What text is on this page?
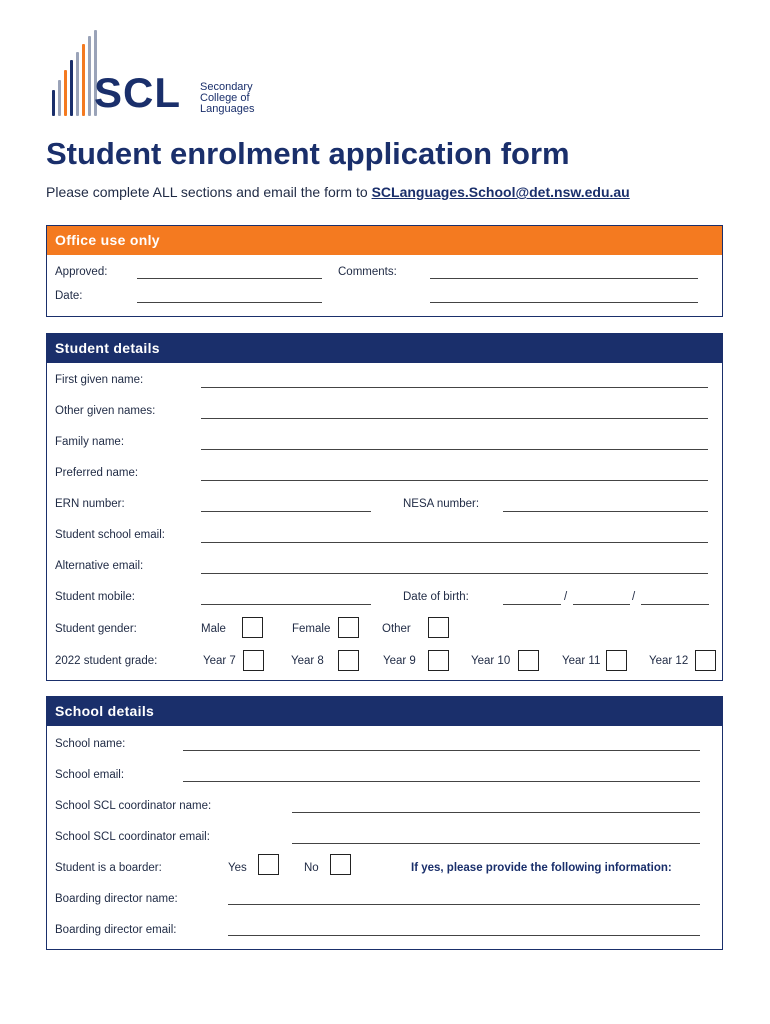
SCL Secondary
College of
Languages
Student enrolment application form
Please complete ALL sections and email the form to SCLanguages.School@det.nsw.edu.au
Office use only
Approved:	Comments:
Date:
Student details
First given name:
Other given names:
Family name:
Preferred name:
ERN number:	NESA number:
Student school email:
Alternative email:
Student mobile:	Date of birth:	/	/
Student gender:	Male	Female	Other
2022 student grade:	Year 7	Year 8	Year 9	Year 10	Year 11	Year 12
School details
School name:
School email:
School SCL coordinator name:
School SCL coordinator email:
Student is a boarder:	Yes	No	If yes, please provide the following information:
Boarding director name:
Boarding director email:
